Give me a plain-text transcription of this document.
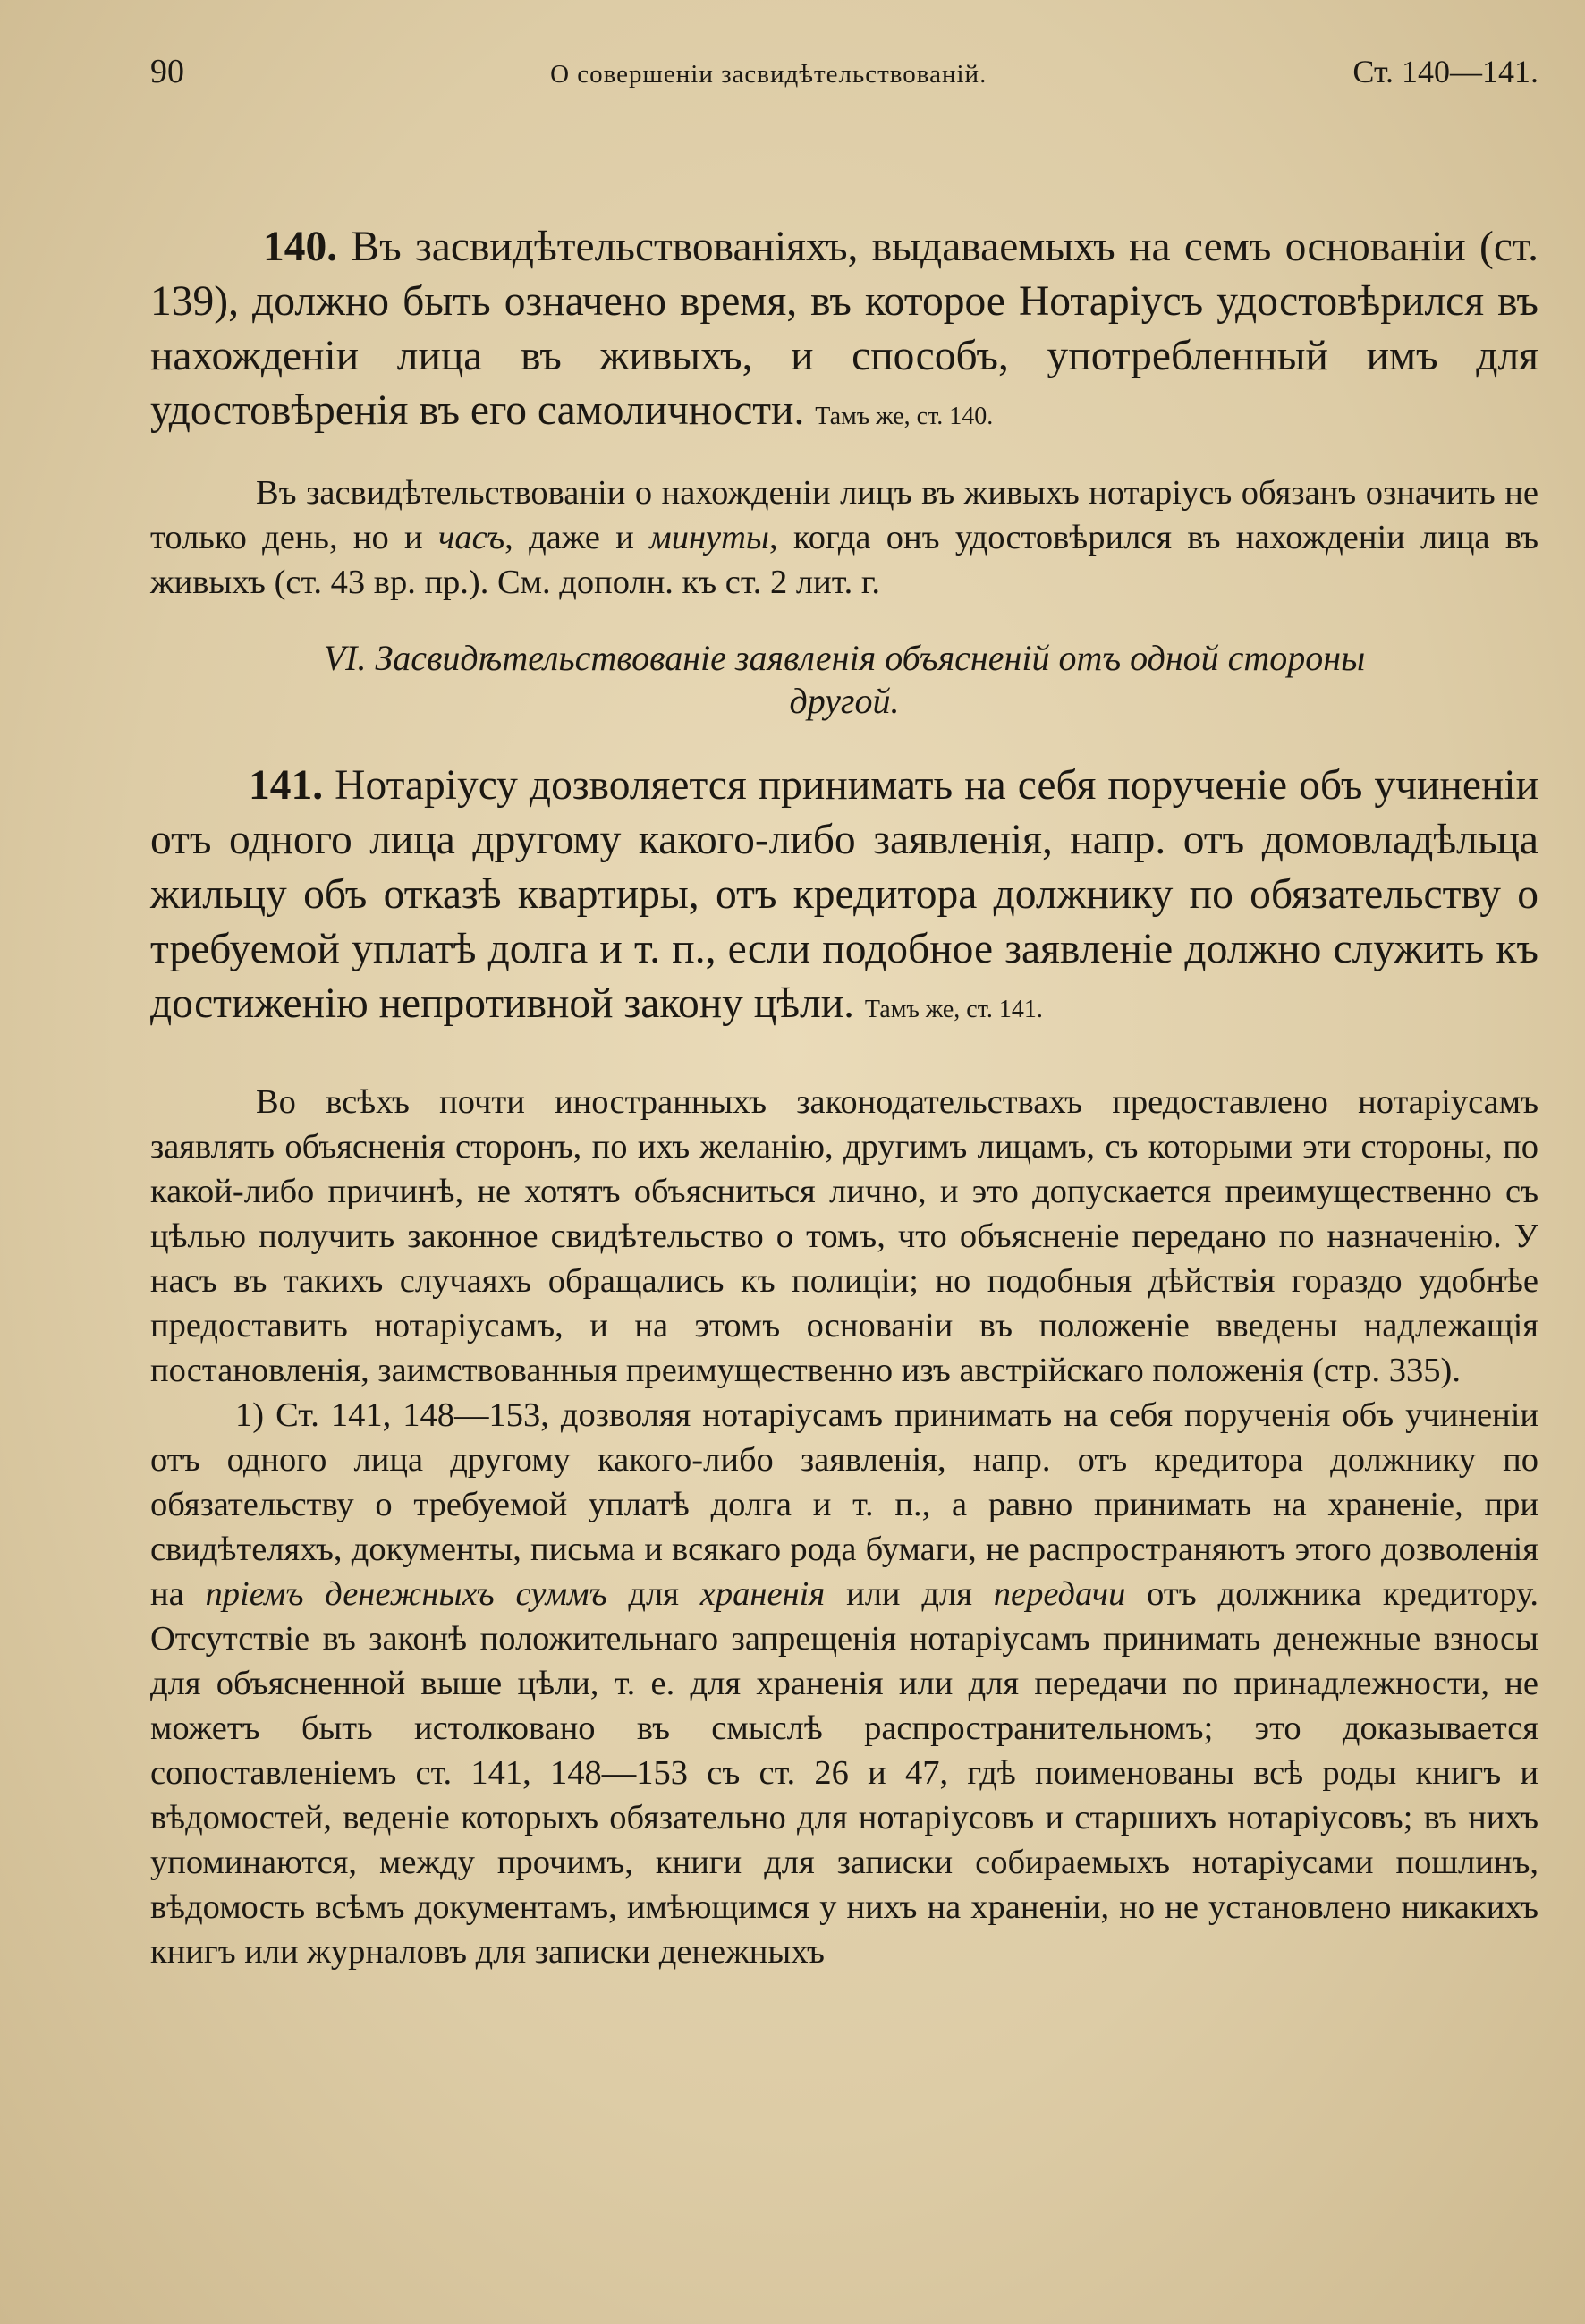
90	О совершенiи засвидѣтельствованiй.	Ст. 140—141.

140. Въ засвидѣтельствованiяхъ, выдаваемыхъ на семъ основанiи (ст. 139), должно быть означено время, въ которое Нотарiусъ удостовѣрился въ нахожденiи лица въ живыхъ, и способъ, употребленный имъ для удостовѣренiя въ его самоличности. Тамъ же, ст. 140.

Въ засвидѣтельствованiи о нахожденiи лицъ въ живыхъ нотарiусъ обязанъ означить не только день, но и часъ, даже и минуты, когда онъ удостовѣрился въ нахожденiи лица въ живыхъ (ст. 43 вр. пр.). См. дополн. къ ст. 2 лит. г.

VI. Засвидѣтельствованiе заявленiя объясненiй отъ одной стороны
другой.

141. Нотарiусу дозволяется принимать на себя порученiе объ учиненiи отъ одного лица другому какого-либо заявленiя, напр. отъ домовладѣльца жильцу объ отказѣ квартиры, отъ кредитора должнику по обязательству о требуемой уплатѣ долга и т. п., если подобное заявленiе должно служить къ достиженiю непротивной закону цѣли. Тамъ же, ст. 141.

Во всѣхъ почти иностранныхъ законодательствахъ предоставлено нотарiусамъ заявлять объясненiя сторонъ, по ихъ желанiю, другимъ лицамъ, съ которыми эти стороны, по какой-либо причинѣ, не хотятъ объясниться лично, и это допускается преимущественно съ цѣлью получить законное свидѣтельство о томъ, что объясненiе передано по назначенiю. У насъ въ такихъ случаяхъ обращались къ полицiи; но подобныя дѣйствiя гораздо удобнѣе предоставить нотарiусамъ, и на этомъ основанiи въ положенiе введены надлежащiя постановленiя, заимствованныя преимущественно изъ австрiйскаго положенiя (стр. 335).

1) Ст. 141, 148—153, дозволяя нотарiусамъ принимать на себя порученiя объ учиненiи отъ одного лица другому какого-либо заявленiя, напр. отъ кредитора должнику по обязательству о требуемой уплатѣ долга и т. п., а равно принимать на храненiе, при свидѣтеляхъ, документы, письма и всякаго рода бумаги, не распространяютъ этого дозволенiя на прiемъ денежныхъ суммъ для храненiя или для передачи отъ должника кредитору. Отсутствiе въ законѣ положительнаго запрещенiя нотарiусамъ принимать денежные взносы для объясненной выше цѣли, т. е. для храненiя или для передачи по принадлежности, не можетъ быть истолковано въ смыслѣ распространительномъ; это доказывается сопоставленiемъ ст. 141, 148—153 съ ст. 26 и 47, гдѣ поименованы всѣ роды книгъ и вѣдомостей, веденiе которыхъ обязательно для нотарiусовъ и старшихъ нотарiусовъ; въ нихъ упоминаются, между прочимъ, книги для записки собираемыхъ нотарiусами пошлинъ, вѣдомость всѣмъ документамъ, имѣющимся у нихъ на храненiи, но не установлено никакихъ книгъ или журналовъ для записки денежныхъ
